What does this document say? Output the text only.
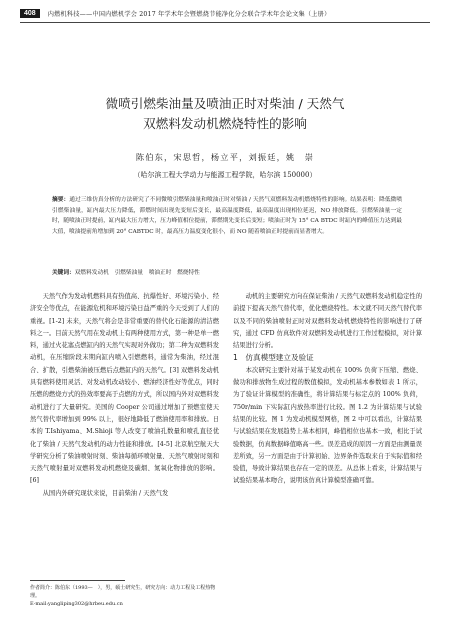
408	内燃机科技——中国内燃机学会 2017 年学术年会暨燃烧节能净化分会联合学术年会论文集（上册）
微喷引燃柴油量及喷油正时对柴油 / 天然气
双燃料发动机燃烧特性的影响
陈伯东，宋思哲，杨立平，刘振廷，姚　崇
（哈尔滨工程大学动力与能源工程学院，哈尔滨 150000）
摘要：通过三维仿真分析的方法研究了不同微喷引燃柴油量和喷油正时对柴油 / 天然气双燃料发动机燃烧特性的影响。结果表明：降低微喷引燃柴油量，缸内最大压力降低，滞燃时间出现先变短后变长，最高温度降低，最高温度出现相位延迟，NO 排放降低。引燃柴油量一定时，随喷油正时提前，缸内最大压力增大，压力峰值相位提前，滞燃期先变长后变短；喷油正时为 15° CA BTDC 时缸内的峰值压力达到最大值，喷油提前角增加到 20° CABTDC 时，最高压力温度变化很小，而 NO 随着喷油正时提前而显著增大。
关键词：双燃料发动机　引燃柴油量　喷油正时　燃烧特性

天然气作为发动机燃料具有热值高、抗爆性好、环境污染小、经济安全等优点，在能源危机和环境污染日益严重的今天受到了人们的重视。[1-2] 未来，天然气将会是非常重要的替代化石能源的清洁燃料之一。目前天然气用在发动机上有两种使用方式，第一种是单一燃料，通过火花塞点燃缸内的天然气实现对外做功；第二种为双燃料发动机，在压缩阶段末期向缸内喷入引燃燃料，通常为柴油，经过混合、扩散，引燃柴油被压燃后点燃缸内的天然气。[3] 双燃料发动机具有燃料使用灵活、对发动机改动较小、燃油经济性好等优点，同时压燃的燃烧方式的热效率要高于点燃的方式，所以国内外对双燃料发动机进行了大量研究。美国的 Cooper 公司通过增加了预燃室使天然气替代率增加到 99% 以上，很好地降低了燃油使用率和排放。日本的 T.Ishiyama、M.Shioji 等人改变了喷油孔数量和喷孔直径优化了柴油 / 天然气发动机的动力性能和排放。[4-5] 北京航空航天大学研究分析了柴油喷射时刻、柴油每循环喷射量、天然气喷射时刻和天然气喷射量对双燃料发动机燃烧及碳烟、氮氧化物排放的影响。[6]

从国内外研究现状来说，目前柴油 / 天然气发

动机的主要研究方向在保证柴油 / 天然气双燃料发动机稳定性的前提下提高天然气替代率，优化燃烧特性。本文就不同天然气替代率以及不同的柴油喷射正时对双燃料发动机燃烧特性的影响进行了研究，通过 CFD 仿真软件对双燃料发动机进行工作过程模拟，对计算结果进行分析。

1　仿真模型建立及验证

本次研究主要针对基于某发动机在 100% 负荷下压缩、燃烧、做功和排放物生成过程的数值模拟，发动机基本参数如表 1 所示，为了验证计算模型的准确性，将计算结果与标定点的 100% 负荷，750r/min 下实际缸内放热率进行比较。图 1.2 为计算结果与试验结果的比较。图 1 为发动机模型网格，图 2 中可以看出，计算结果与试验结果在发展趋势上基本相同，峰值相位也基本一致，相比于试验数据，仿真数据峰值略高一些。误差造成的原因一方面是由测量误差所致，另一方面是由于计算初始、边界条件选取来自于实际值和经验值，导致计算结果也存在一定的误差。从总体上看来，计算结果与试验结果基本吻合，说明该仿真计算模型准确可靠。

作者简介：陈伯东（1993—　），男，硕士研究生，研究方向：动力工程及工程热物理。
E-mail:yangliping302@hrbeu.edu.cn
